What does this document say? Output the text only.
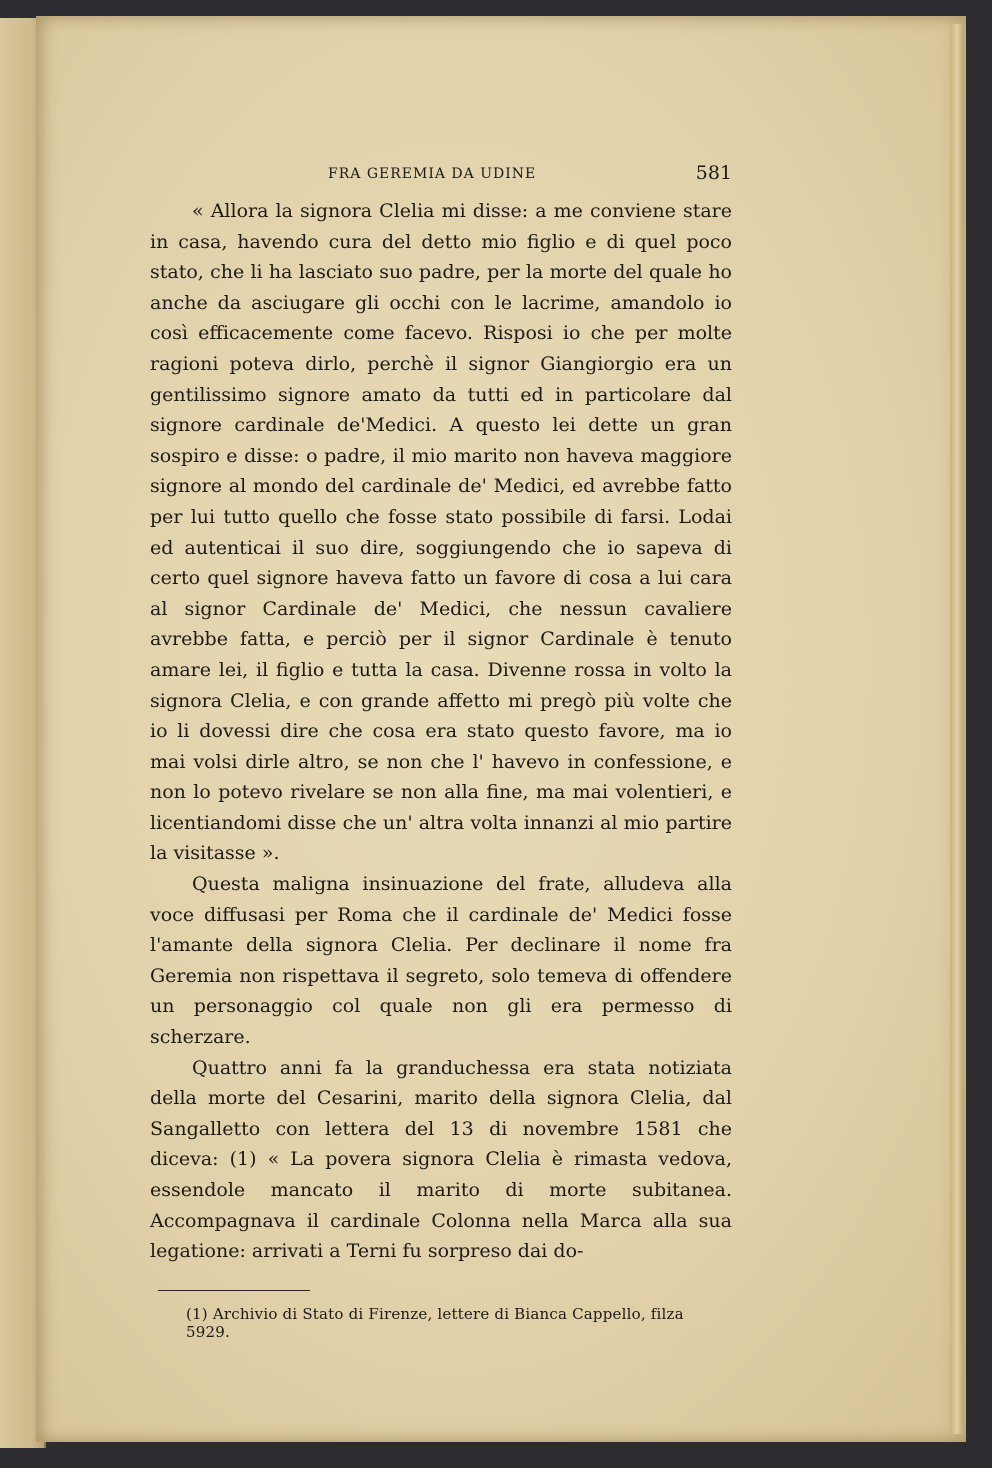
FRA GEREMIA DA UDINE	581

« Allora la signora Clelia mi disse: a me conviene stare in casa, havendo cura del detto mio figlio e di quel poco stato, che li ha lasciato suo padre, per la morte del quale ho anche da asciugare gli occhi con le lacrime, amandolo io così efficacemente come facevo. Risposi io che per molte ragioni poteva dirlo, perchè il signor Giangiorgio era un gentilissimo signore amato da tutti ed in particolare dal signore cardinale de'Medici. A questo lei dette un gran sospiro e disse: o padre, il mio marito non haveva maggiore signore al mondo del cardinale de' Medici, ed avrebbe fatto per lui tutto quello che fosse stato possibile di farsi. Lodai ed autenticai il suo dire, soggiungendo che io sapeva di certo quel signore haveva fatto un favore di cosa a lui cara al signor Cardinale de' Medici, che nessun cavaliere avrebbe fatta, e perciò per il signor Cardinale è tenuto amare lei, il figlio e tutta la casa. Divenne rossa in volto la signora Clelia, e con grande affetto mi pregò più volte che io li dovessi dire che cosa era stato questo favore, ma io mai volsi dirle altro, se non che l' havevo in confessione, e non lo potevo rivelare se non alla fine, ma mai volentieri, e licentiandomi disse che un' altra volta innanzi al mio partire la visitasse ».

Questa maligna insinuazione del frate, alludeva alla voce diffusasi per Roma che il cardinale de' Medici fosse l'amante della signora Clelia. Per declinare il nome fra Geremia non rispettava il segreto, solo temeva di offendere un personaggio col quale non gli era permesso di scherzare.

Quattro anni fa la granduchessa era stata notiziata della morte del Cesarini, marito della signora Clelia, dal Sangalletto con lettera del 13 di novembre 1581 che diceva: (1) « La povera signora Clelia è rimasta vedova, essendole mancato il marito di morte subitanea. Accompagnava il cardinale Colonna nella Marca alla sua legatione: arrivati a Terni fu sorpreso dai do-

(1) Archivio di Stato di Firenze, lettere di Bianca Cappello, filza 5929.
